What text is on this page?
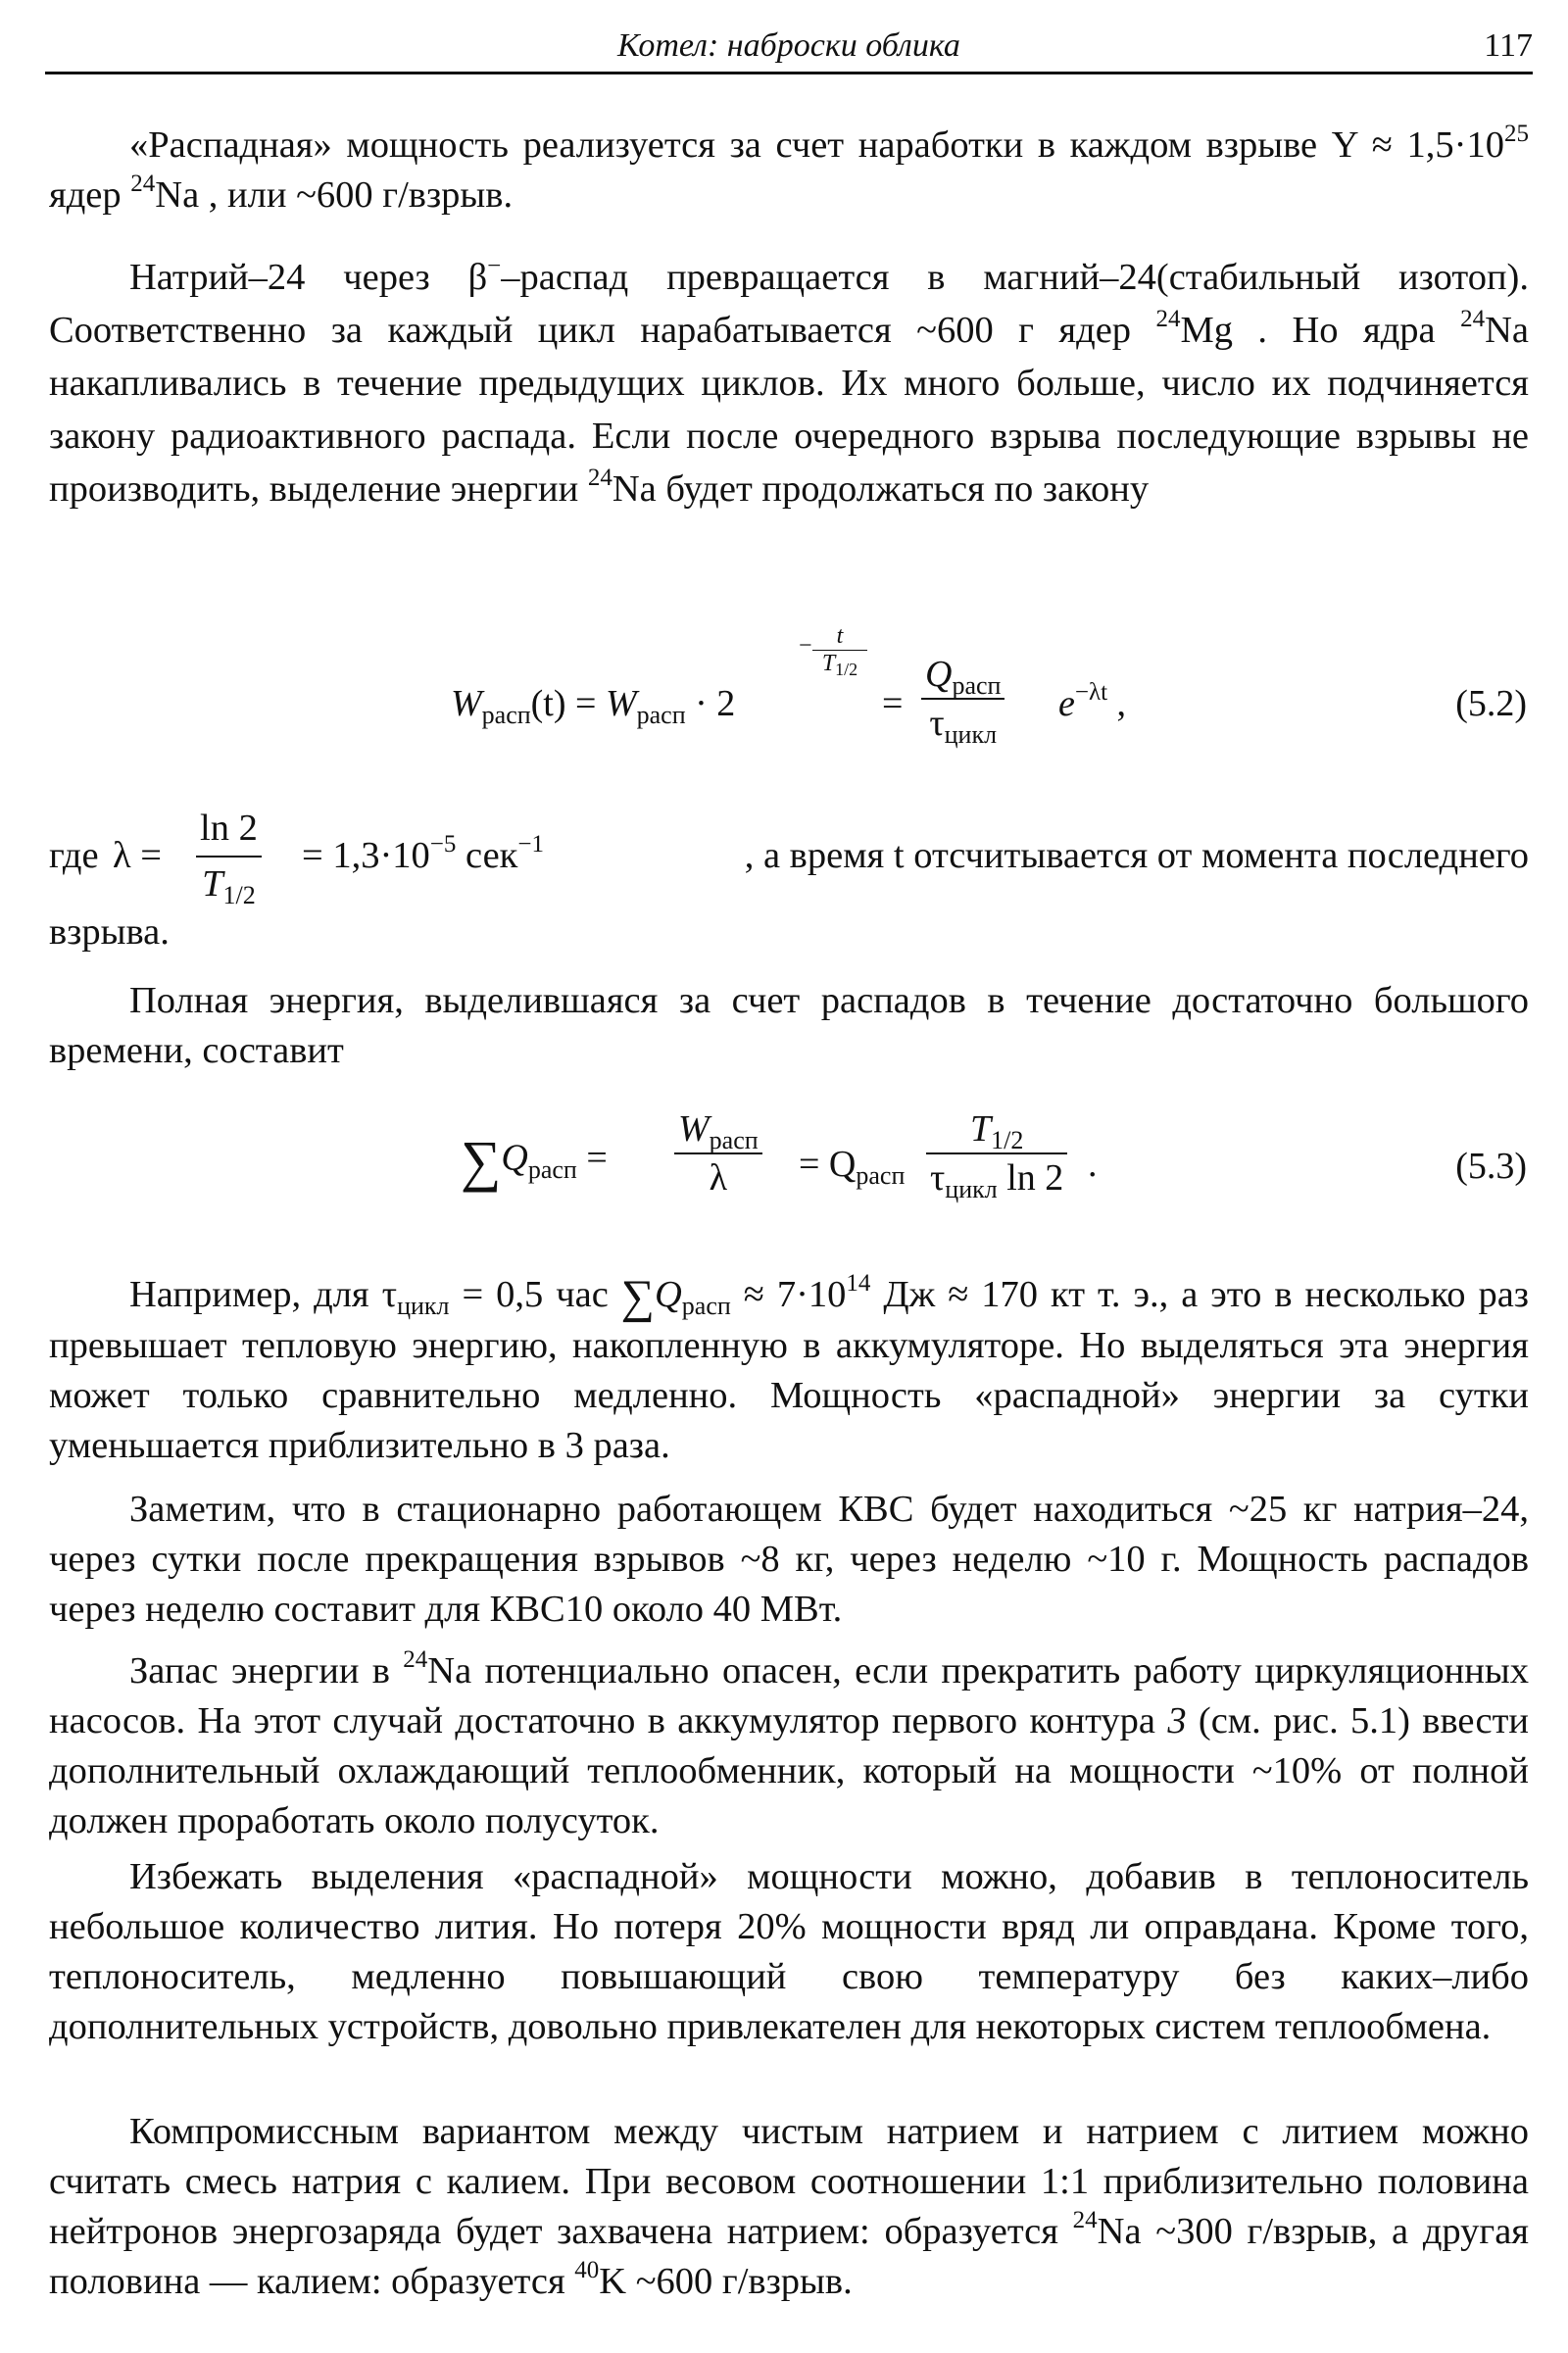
Котел: наброски облика	117

«Распадная» мощность реализуется за счет наработки в каждом взрыве $Y \approx 1,5\cdot 10^{25}$ ядер $^{24}$Na , или ~600 г/взрыв.

Натрий–24 через β−–распад превращается в магний–24(стабильный изотоп). Соответственно за каждый цикл нарабатывается ~600 г ядер $^{24}$Mg . Но ядра $^{24}$Na накапливались в течение предыдущих циклов. Их много больше, число их подчиняется закону радиоактивного распада. Если после очередного взрыва последующие взрывы не производить, выделение энергии $^{24}$Na будет продолжаться по закону

$W_{расп}(t) = W_{расп} \cdot 2$
−	t
$T_{1/2}$
=
$Q_{расп}$
$\tau_{цикл}$
$e^{-\lambda t}$ ,	(5.2)
где $\lambda = \frac{\ln 2}{T_{1/2}} = 1,3\cdot 10^{-5}$ сек$^{-1}$	, а время t отсчитывается от момента последнего

взрыва.

Полная энергия, выделившаяся за счет распадов в течение достаточно большого времени, составит

$\sum Q_{расп}$ =
$W_{расп}$
λ	= $Q_{расп}$
$T_{1/2}$
$\tau_{цикл}$ ln 2 .	(5.3)

Например, для $\tau_{цикл} = 0,5$ час $\sum Q_{расп} \approx 7\cdot 10^{14}$ Дж ≈ 170 кт т. э., а это в несколько раз превышает тепловую энергию, накопленную в аккумуляторе. Но выделяться эта энергия может только сравнительно медленно. Мощность «распадной» энергии за сутки уменьшается приблизительно в 3 раза.

Заметим, что в стационарно работающем КВС будет находиться ~25 кг натрия–24, через сутки после прекращения взрывов ~8 кг, через неделю ~10 г. Мощность распадов через неделю составит для КВС10 около 40 МВт.

Запас энергии в $^{24}$Na потенциально опасен, если прекратить работу циркуляционных насосов. На этот случай достаточно в аккумулятор первого контура 3 (см. рис. 5.1) ввести дополнительный охлаждающий теплообменник, который на мощности ~10% от полной должен проработать около полусуток.

Избежать выделения «распадной» мощности можно, добавив в теплоноситель небольшое количество лития. Но потеря 20% мощности вряд ли оправдана. Кроме того, теплоноситель, медленно повышающий свою температуру без каких–либо дополнительных устройств, довольно привлекателен для некоторых систем теплообмена.

Компромиссным вариантом между чистым натрием и натрием с литием можно считать смесь натрия с калием. При весовом соотношении 1:1 приблизительно половина нейтронов энергозаряда будет захвачена натрием: образуется $^{24}$Na ~300 г/взрыв, а другая половина — калием: образуется $^{40}$K ~600 г/взрыв.
